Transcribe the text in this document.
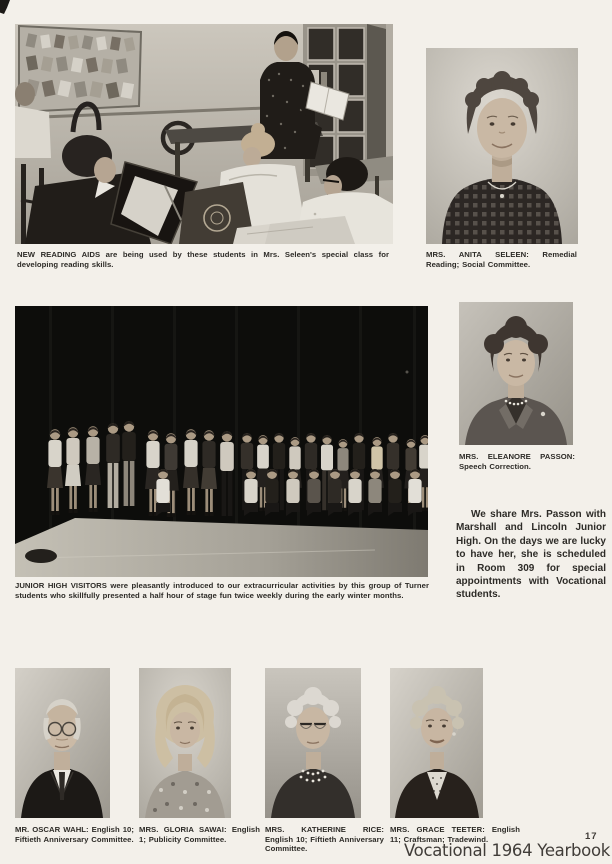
NEW READING AIDS are being used by these students in Mrs. Seleen's special class for developing reading skills.
MRS. ANITA SELEEN: Remedial Reading; Social Committee.
JUNIOR HIGH VISITORS were pleasantly introduced to our extracurricular activities by this group of Turner students who skillfully presented a half hour of stage fun twice weekly during the early winter months.
MRS. ELEANORE PASSON: Speech Correction.
We share Mrs. Passon with Marshall and Lincoln Junior High. On the days we are lucky to have her, she is scheduled in Room 309 for special appointments with Vocational students.
MR. OSCAR WAHL: English 10; Fiftieth Anniversary Committee.
MRS. GLORIA SAWAI: English 1; Publicity Committee.
MRS. KATHERINE RICE: English 10; Fiftieth Anniversary Committee.
MRS. GRACE TEETER: English 11; Craftsman; Tradewind.	17
Vocational 1964 Yearbook
